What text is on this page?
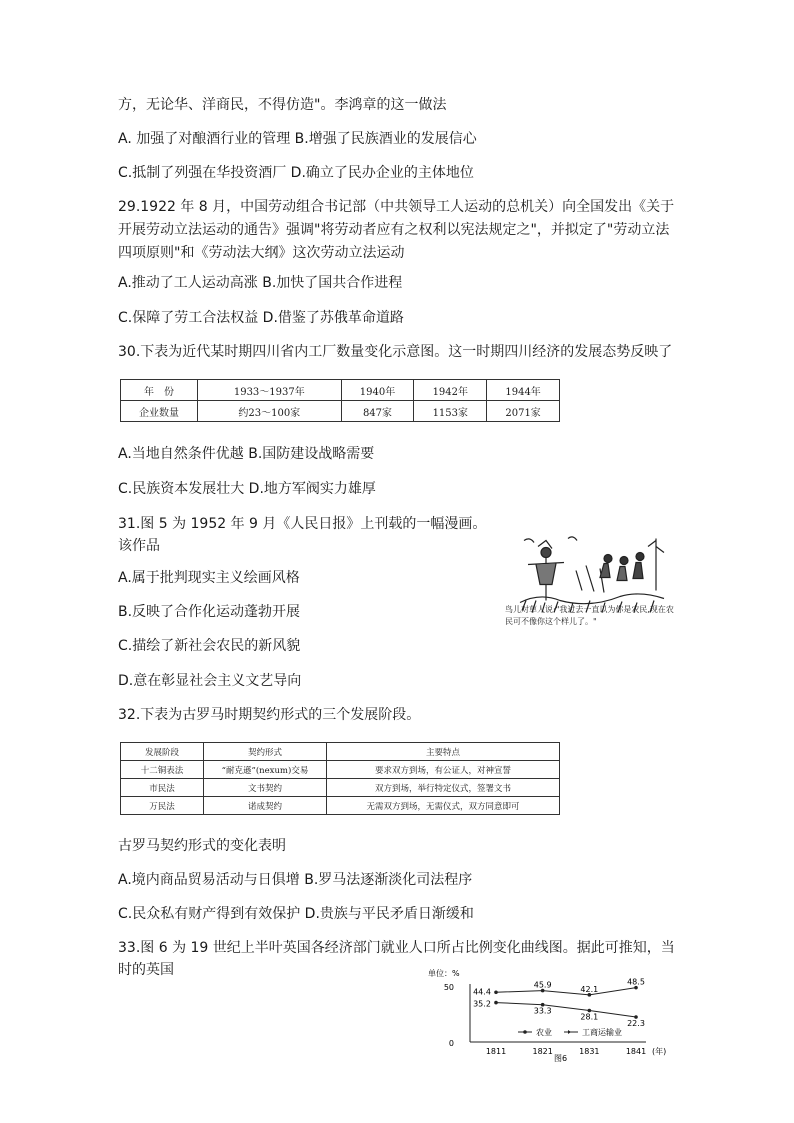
方，无论华、洋商民，不得仿造"。李鸿章的这一做法
A. 加强了对酿酒行业的管理 B.增强了民族酒业的发展信心
C.抵制了列强在华投资酒厂 D.确立了民办企业的主体地位
29.1922 年 8 月，中国劳动组合书记部（中共领导工人运动的总机关）向全国发出《关于开展劳动立法运动的通告》强调"将劳动者应有之权利以宪法规定之"，并拟定了"劳动立法四项原则"和《劳动法大纲》这次劳动立法运动
A.推动了工人运动高涨 B.加快了国共合作进程
C.保障了劳工合法权益 D.借鉴了苏俄革命道路
30.下表为近代某时期四川省内工厂数量变化示意图。这一时期四川经济的发展态势反映了
年　份	1933～1937年	1940年	1942年	1944年
企业数量	约23～100家	847家	1153家	2071家
A.当地自然条件优越 B.国防建设战略需要
C.民族资本发展壮大 D.地方军阀实力雄厚
31.图 5 为 1952 年 9 月《人民日报》上刊载的一幅漫画。该作品
A.属于批判现实主义绘画风格
B.反映了合作化运动蓬勃开展
C.描绘了新社会农民的新风貌
D.意在彰显社会主义文艺导向
鸟儿对草人说:"我过去一直以为你是农民,现在农民可不像你这个样儿了。"
32.下表为古罗马时期契约形式的三个发展阶段。
发展阶段	契约形式	主要特点
十二铜表法	“耐克遜”(nexum)交易	要求双方到场，有公证人，对神宣誓
市民法	文书契约	双方到场，举行特定仪式，签署文书
万民法	诺成契约	无需双方到场，无需仪式，双方同意即可
古罗马契约形式的变化表明
A.境内商品贸易活动与日俱增 B.罗马法逐渐淡化司法程序
C.民众私有财产得到有效保护 D.贵族与平民矛盾日渐缓和
33.图 6 为 19 世纪上半叶英国各经济部门就业人口所占比例变化曲线图。据此可推知，当时的英国	单位：%
50
0
1811	1821	1831	1841
35.2
33.3
28.1
22.3
44.4
45.9	42.1
48.5
农业	工商运输业
(年)
图6
